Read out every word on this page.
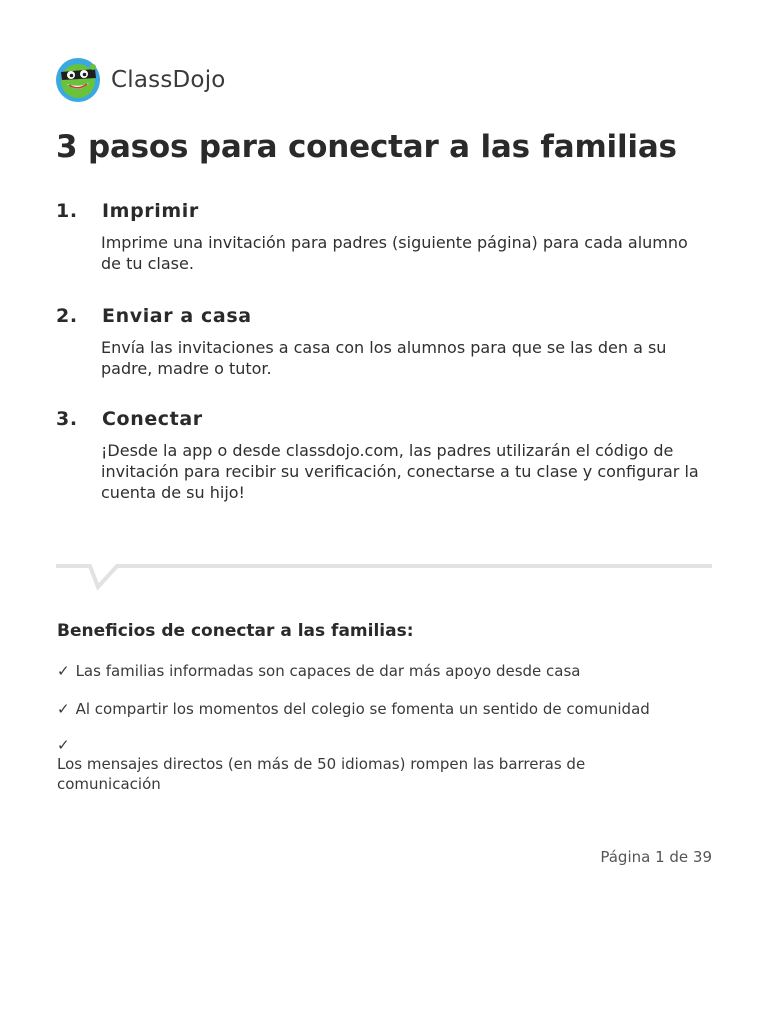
ClassDojo
3 pasos para conectar a las familias
1.	Imprimir
Imprime una invitación para padres (siguiente página) para cada alumno de tu clase.
2.	Enviar a casa
Envía las invitaciones a casa con los alumnos para que se las den a su padre, madre o tutor.
3.	Conectar
¡Desde la app o desde classdojo.com, las padres utilizarán el código de invitación para recibir su verificación, conectarse a tu clase y configurar la cuenta de su hijo!
Beneficios de conectar a las familias:
✓ Las familias informadas son capaces de dar más apoyo desde casa
✓ Al compartir los momentos del colegio se fomenta un sentido de comunidad
✓
Los mensajes directos (en más de 50 idiomas) rompen las barreras de comunicación
Página 1 de 39
